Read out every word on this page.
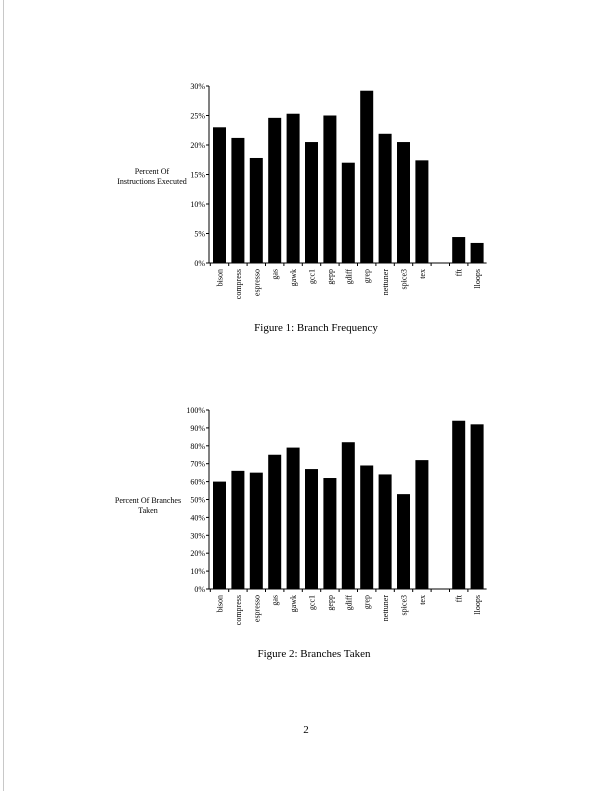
0%
5%
10%
15%
20%
25%
30%
Percent Of Instructions Executed
bison compress espresso gas gawk gcc1 gepp gdiff grep nettuner spice3 tex	fft lloops
Figure 1: Branch Frequency
0%
10%
20%
30%
40%
50%
60%
70%
80%
90%
100%
Percent Of Branches Taken
bison compress espresso gas gawk gcc1 gepp gdiff grep nettuner spice3 tex	fft lloops
Figure 2: Branches Taken
2
